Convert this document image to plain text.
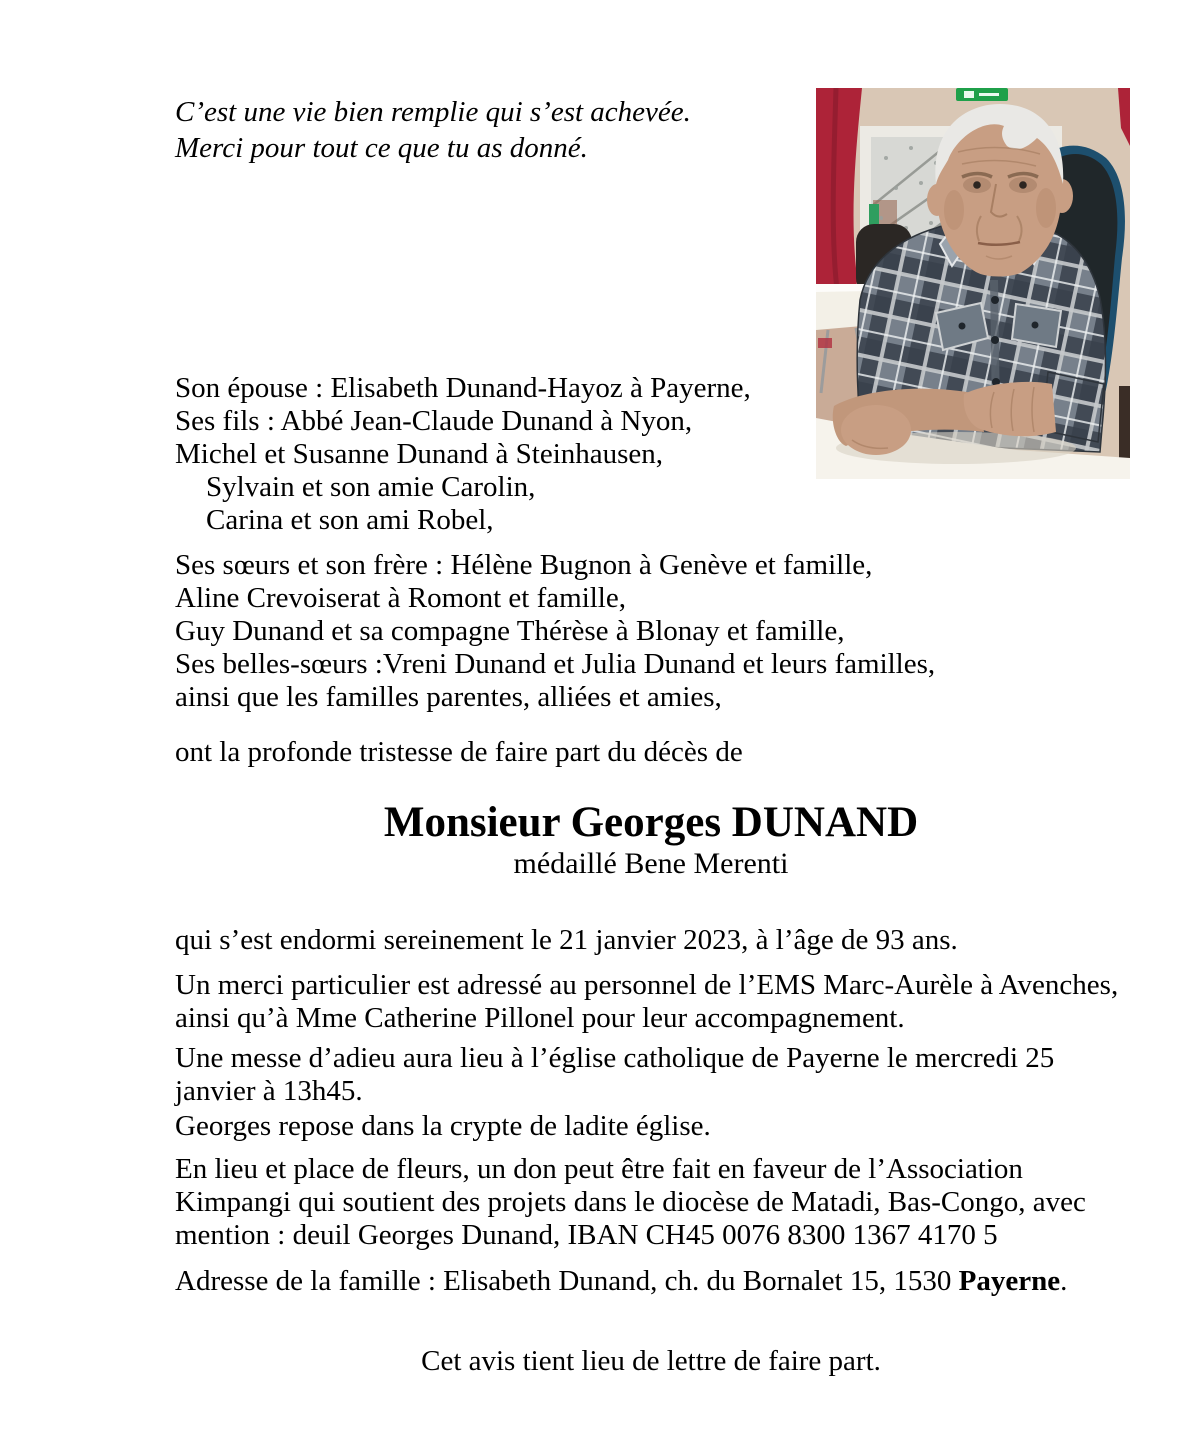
C’est une vie bien remplie qui s’est achevée.
Merci pour tout ce que tu as donné.
Son épouse : Elisabeth Dunand-Hayoz à Payerne,
Ses fils : Abbé Jean-Claude Dunand à Nyon,
Michel et Susanne Dunand à Steinhausen,
Sylvain et son amie Carolin,
Carina et son ami Robel,
Ses sœurs et son frère : Hélène Bugnon à Genève et famille,
Aline Crevoiserat à Romont et famille,
Guy Dunand et sa compagne Thérèse à Blonay et famille,
Ses belles-sœurs :Vreni Dunand et Julia Dunand et leurs familles,
ainsi que les familles parentes, alliées et amies,
ont la profonde tristesse de faire part du décès de
Monsieur Georges DUNAND
médaillé Bene Merenti
qui s’est endormi sereinement le 21 janvier 2023, à l’âge de 93 ans.
Un merci particulier est adressé au personnel de l’EMS Marc-Aurèle à Avenches,
ainsi qu’à Mme Catherine Pillonel pour leur accompagnement.
Une messe d’adieu aura lieu à l’église catholique de Payerne le mercredi 25
janvier à 13h45.
Georges repose dans la crypte de ladite église.
En lieu et place de fleurs, un don peut être fait en faveur de l’Association
Kimpangi qui soutient des projets dans le diocèse de Matadi, Bas-Congo, avec
mention : deuil Georges Dunand, IBAN CH45 0076 8300 1367 4170 5
Adresse de la famille : Elisabeth Dunand, ch. du Bornalet 15, 1530 Payerne.
Cet avis tient lieu de lettre de faire part.
